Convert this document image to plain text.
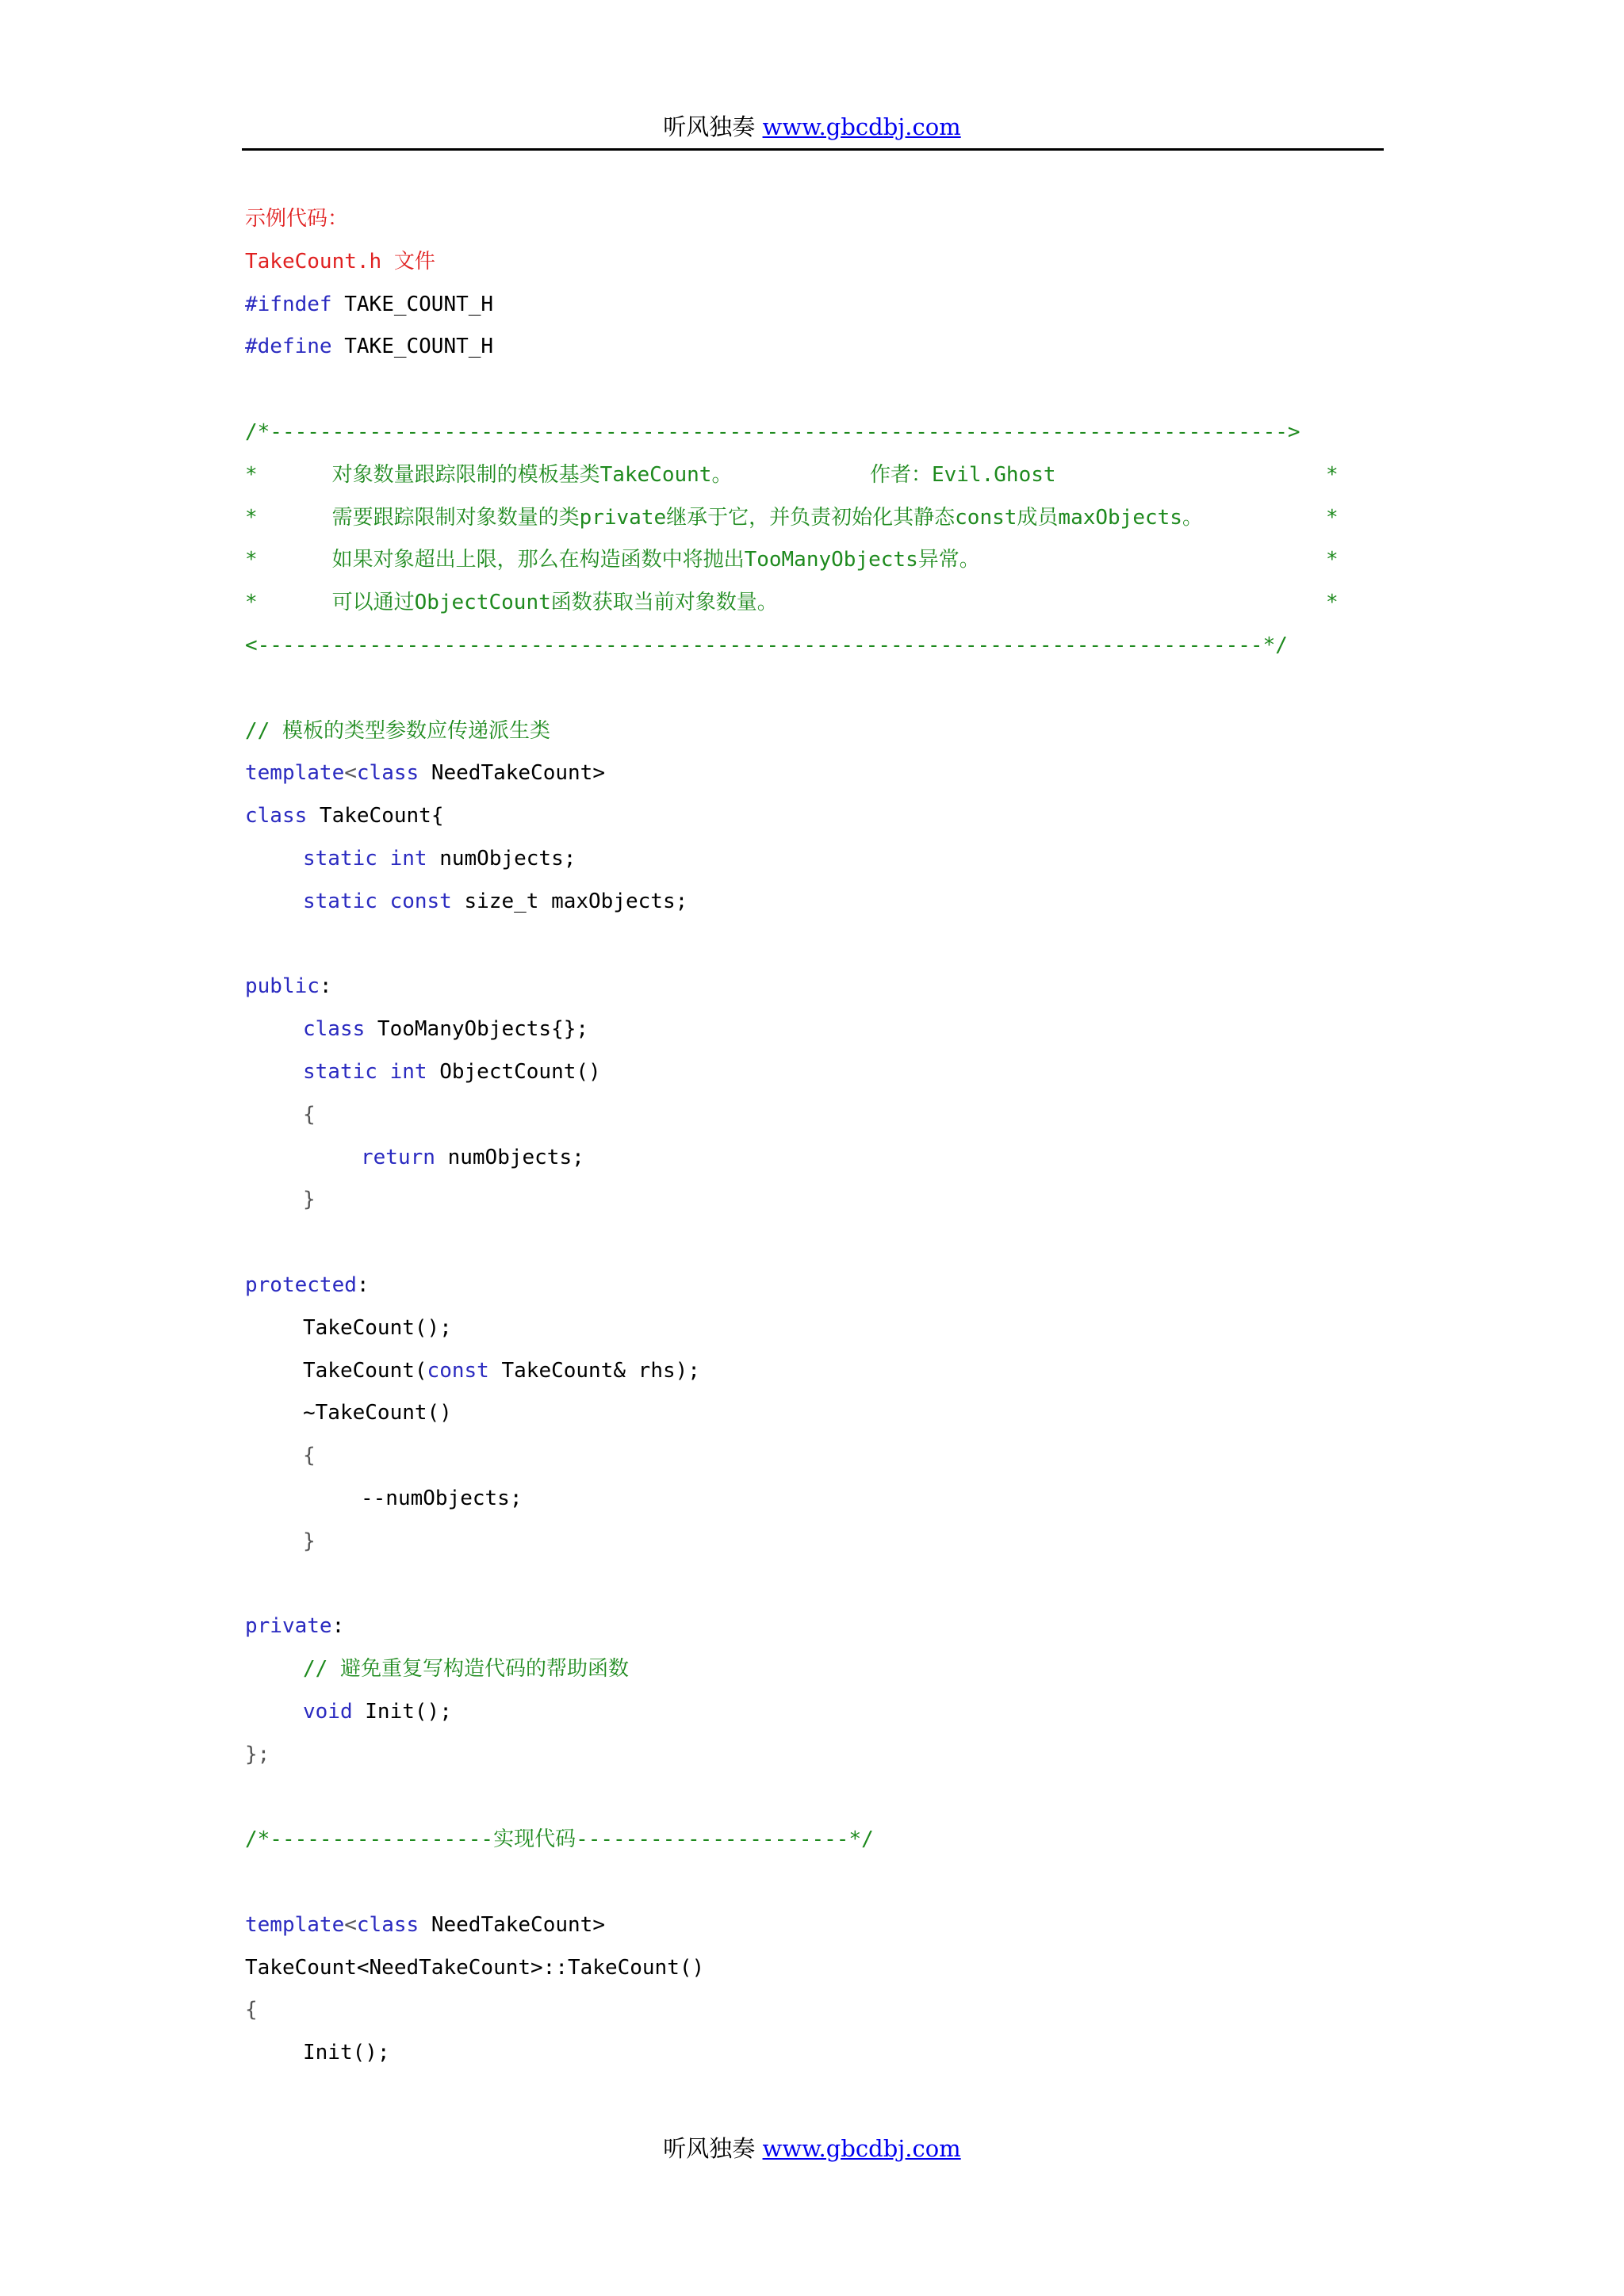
听风独奏 www.gbcdbj.com
示例代码：
TakeCount.h 文件
#ifndef TAKE_COUNT_H
#define TAKE_COUNT_H
/*---------------------------------------------------------------------------------->
*      对象数量跟踪限制的模板基类TakeCount。	作者：Evil.Ghost	*
*      需要跟踪限制对象数量的类private继承于它，并负责初始化其静态const成员maxObjects。	*
*      如果对象超出上限，那么在构造函数中将抛出TooManyObjects异常。	*
*      可以通过ObjectCount函数获取当前对象数量。	*
<---------------------------------------------------------------------------------*/
// 模板的类型参数应传递派生类
template<class NeedTakeCount>
class TakeCount{
static int numObjects;
static const size_t maxObjects;
public:
class TooManyObjects{};
static int ObjectCount()
{
return numObjects;
}
protected:
TakeCount();
TakeCount(const TakeCount& rhs);
~TakeCount()
{
--numObjects;
}
private:
// 避免重复写构造代码的帮助函数
void Init();
};
/*------------------实现代码----------------------*/
template<class NeedTakeCount>
TakeCount<NeedTakeCount>::TakeCount()
{
Init();
听风独奏 www.gbcdbj.com
